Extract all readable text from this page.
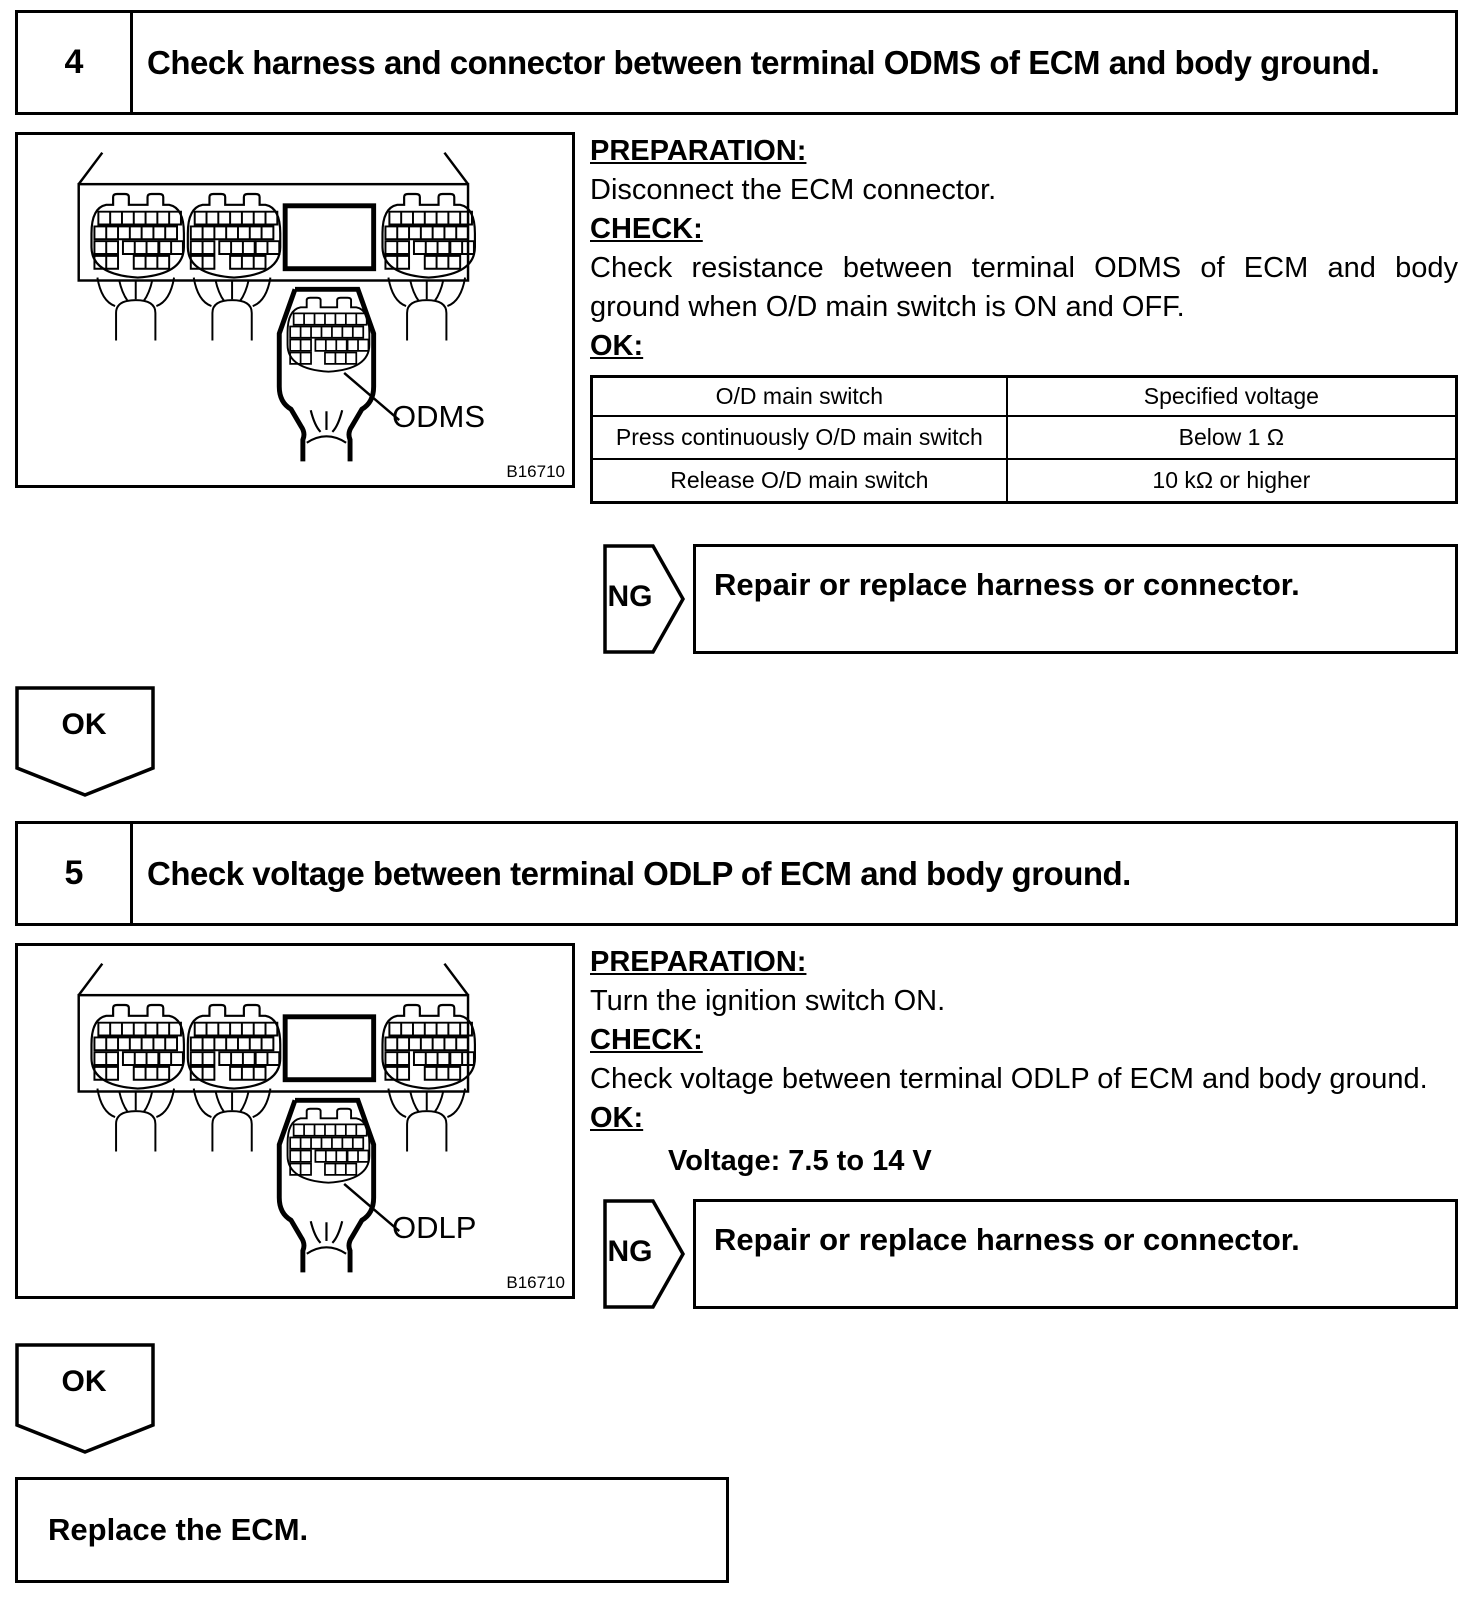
4	Check harness and connector between terminal ODMS of ECM and body ground.
ODMS
B16710
PREPARATION:

Disconnect the ECM connector.

CHECK:

Check resistance between terminal ODMS of ECM and body ground when O/D main switch is ON and OFF.

OK:
O/D main switch	Specified voltage
Press continuously O/D main switch	Below 1 Ω
Release O/D main switch	10 kΩ or higher
NG	Repair or replace harness or connector.
OK
5	Check voltage between terminal ODLP of ECM and body ground.
ODLP
B16710
PREPARATION:

Turn the ignition switch ON.

CHECK:

Check voltage between terminal ODLP of ECM and body ground.

OK:
Voltage: 7.5 to 14 V
NG	Repair or replace harness or connector.
OK
Replace the ECM.
